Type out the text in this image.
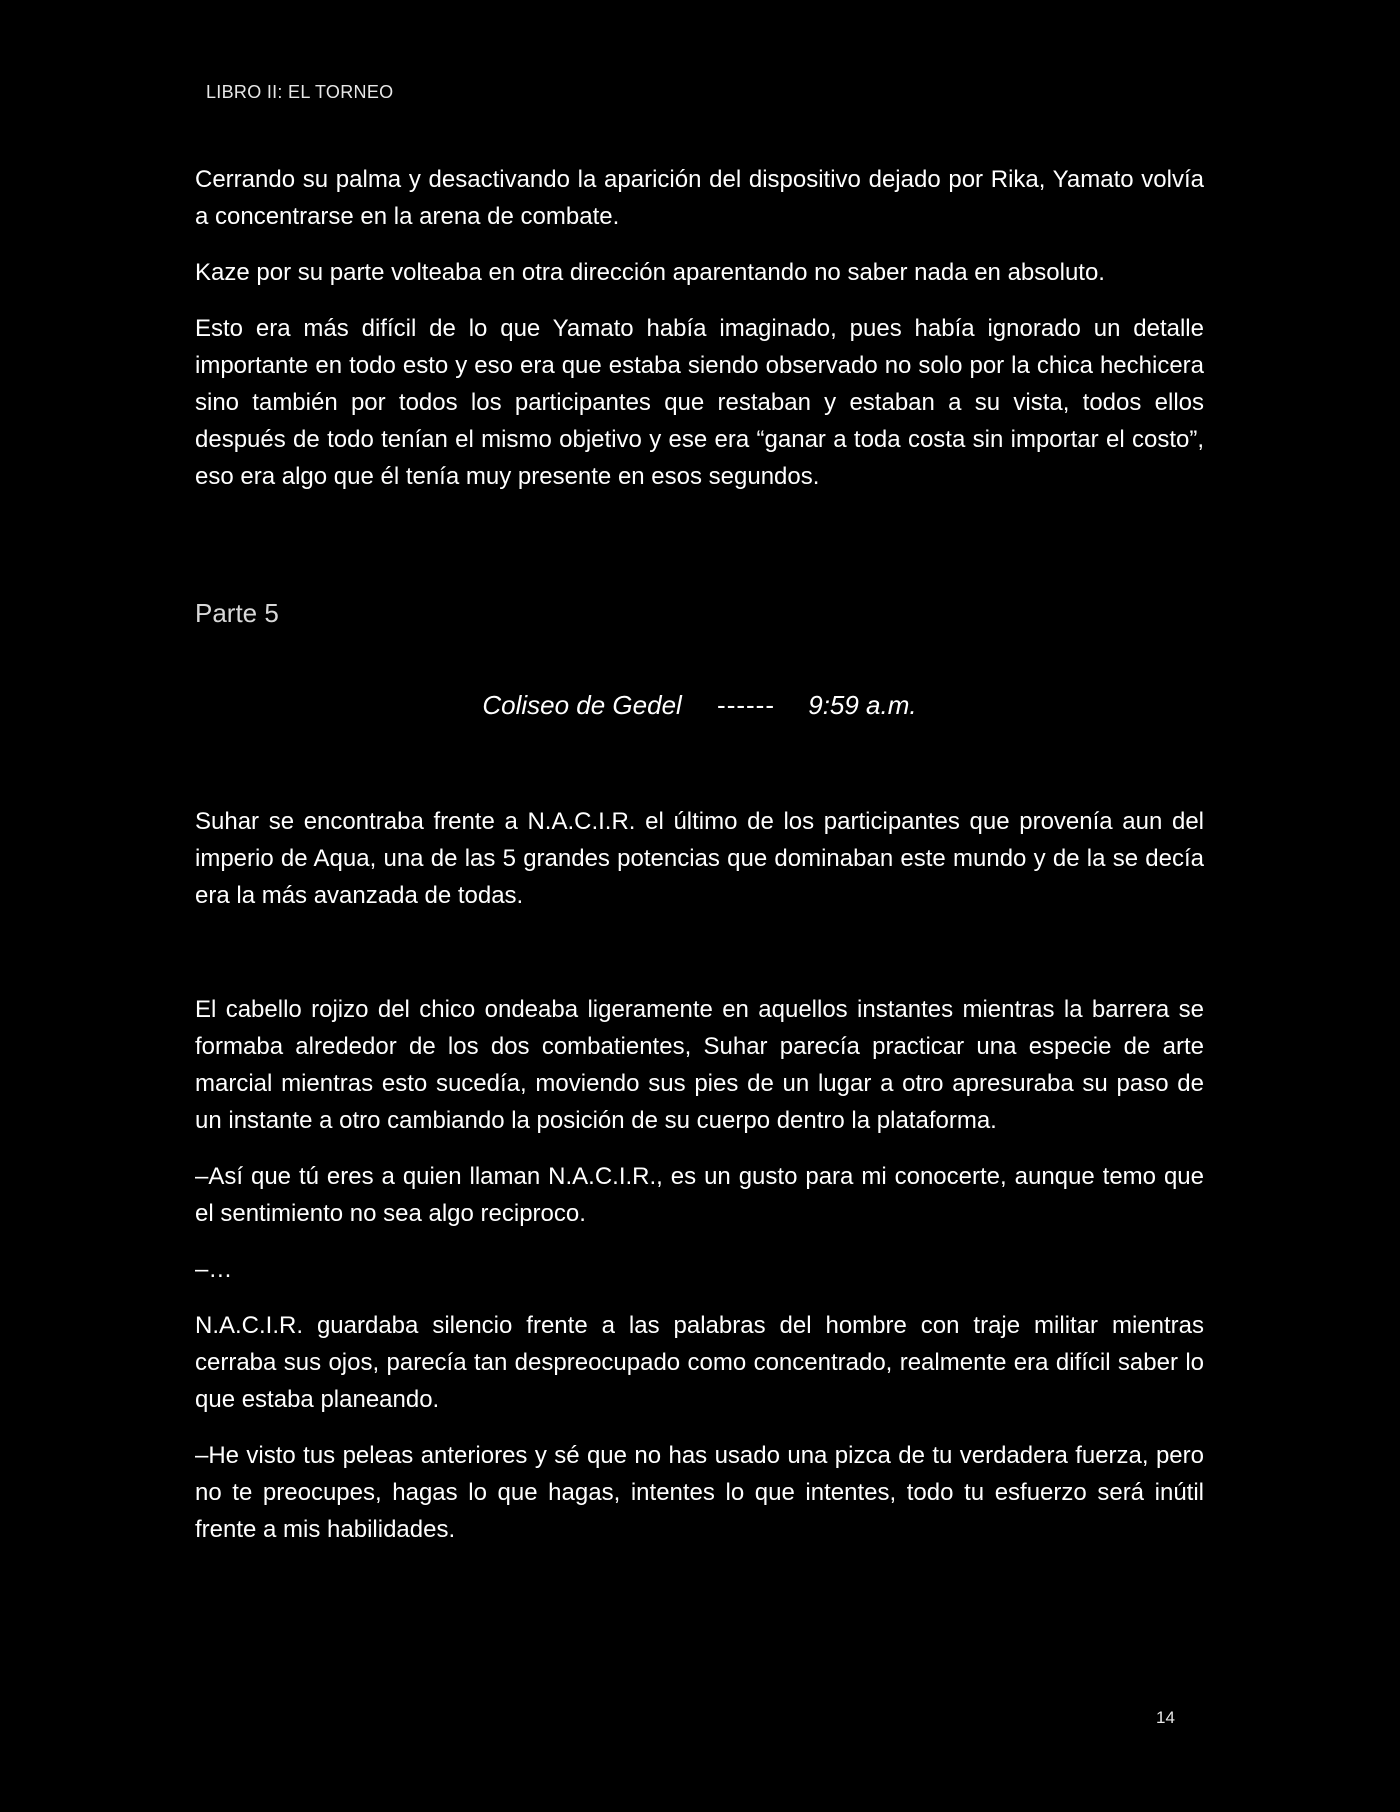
LIBRO II: EL TORNEO

Cerrando su palma y desactivando la aparición del dispositivo dejado por Rika, Yamato volvía a concentrarse en la arena de combate.

Kaze por su parte volteaba en otra dirección aparentando no saber nada en absoluto.

Esto era más difícil de lo que Yamato había imaginado, pues había ignorado un detalle importante en todo esto y eso era que estaba siendo observado no solo por la chica hechicera sino también por todos los participantes que restaban y estaban a su vista, todos ellos después de todo tenían el mismo objetivo y ese era “ganar a toda costa sin importar el costo”, eso era algo que él tenía muy presente en esos segundos.

Parte 5
Coliseo de Gedel ------ 9:59 a.m.

Suhar se encontraba frente a N.A.C.I.R. el último de los participantes que provenía aun del imperio de Aqua, una de las 5 grandes potencias que dominaban este mundo y de la se decía era la más avanzada de todas.

El cabello rojizo del chico ondeaba ligeramente en aquellos instantes mientras la barrera se formaba alrededor de los dos combatientes, Suhar parecía practicar una especie de arte marcial mientras esto sucedía, moviendo sus pies de un lugar a otro apresuraba su paso de un instante a otro cambiando la posición de su cuerpo dentro la plataforma.

–Así que tú eres a quien llaman N.A.C.I.R., es un gusto para mi conocerte, aunque temo que el sentimiento no sea algo reciproco.

–…

N.A.C.I.R. guardaba silencio frente a las palabras del hombre con traje militar mientras cerraba sus ojos, parecía tan despreocupado como concentrado, realmente era difícil saber lo que estaba planeando.

–He visto tus peleas anteriores y sé que no has usado una pizca de tu verdadera fuerza, pero no te preocupes, hagas lo que hagas, intentes lo que intentes, todo tu esfuerzo será inútil frente a mis habilidades.

14
